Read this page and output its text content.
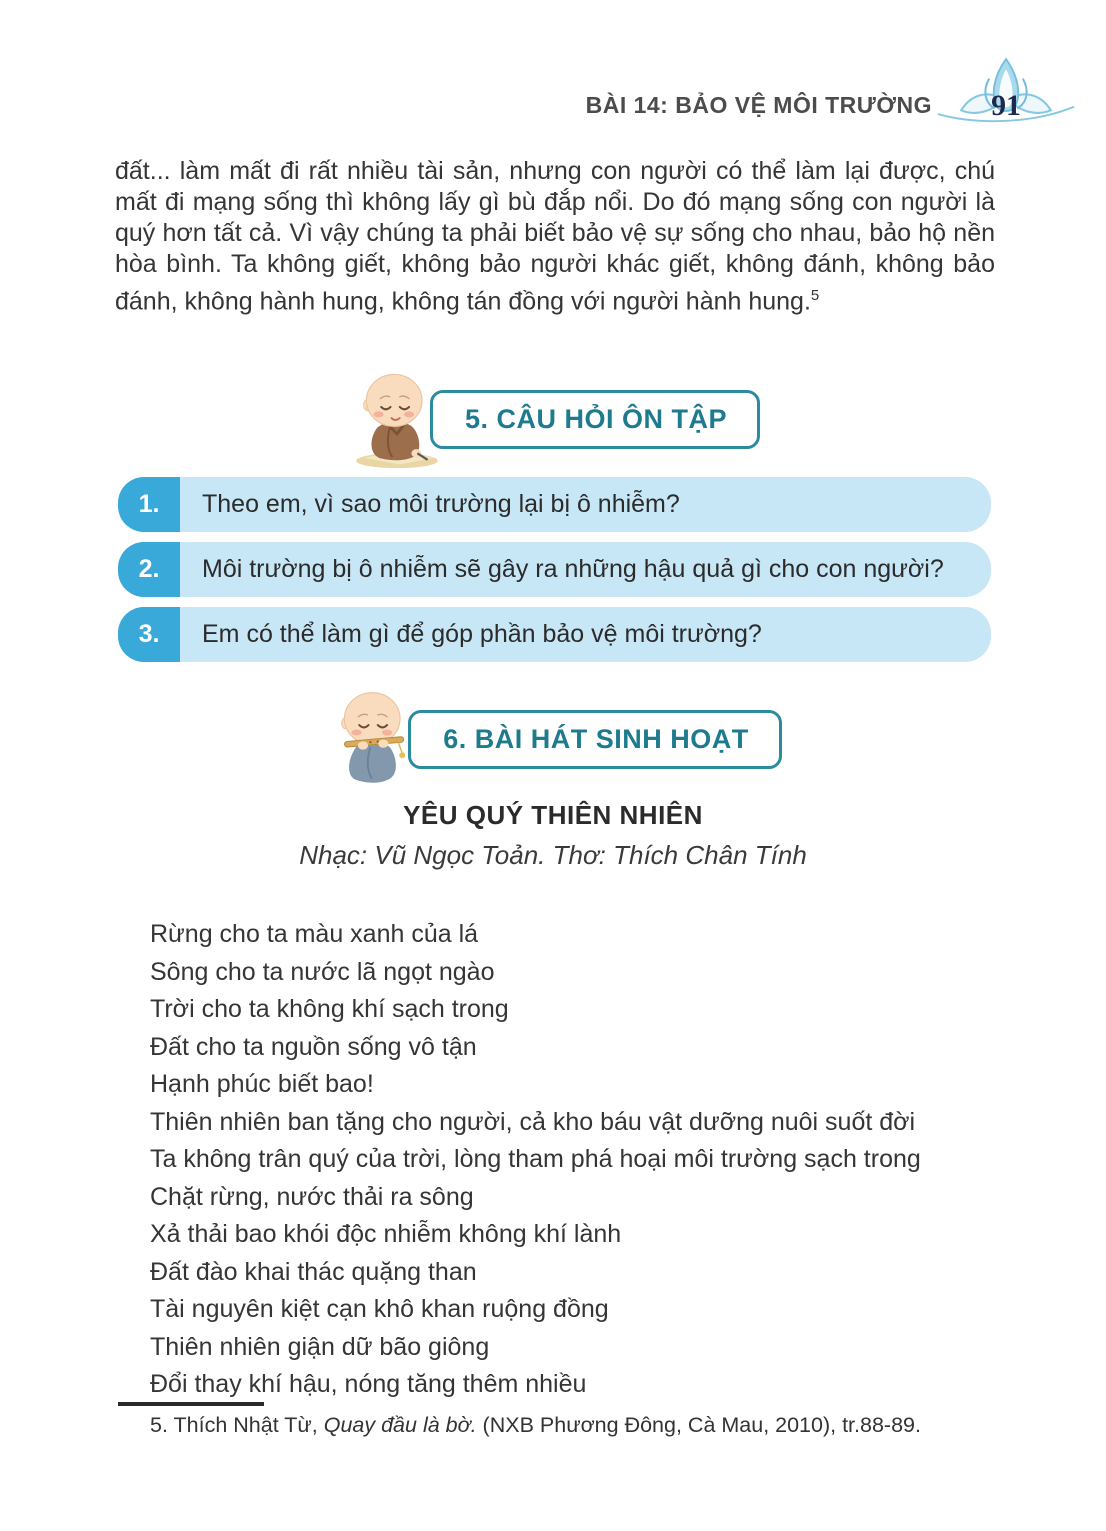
BÀI 14: BẢO VỆ MÔI TRƯỜNG 91
đất... làm mất đi rất nhiều tài sản, nhưng con người có thể làm lại được, chú mất đi mạng sống thì không lấy gì bù đắp nổi. Do đó mạng sống con người là quý hơn tất cả. Vì vậy chúng ta phải biết bảo vệ sự sống cho nhau, bảo hộ nền hòa bình. Ta không giết, không bảo người khác giết, không đánh, không bảo đánh, không hành hung, không tán đồng với người hành hung.$^5$
5. CÂU HỎI ÔN TẬP
1.	Theo em, vì sao môi trường lại bị ô nhiễm?
2.	Môi trường bị ô nhiễm sẽ gây ra những hậu quả gì cho con người?
3.	Em có thể làm gì để góp phần bảo vệ môi trường?
6. BÀI HÁT SINH HOẠT
YÊU QUÝ THIÊN NHIÊN
Nhạc: Vũ Ngọc Toản. Thơ: Thích Chân Tính
Rừng cho ta màu xanh của lá
Sông cho ta nước lã ngọt ngào
Trời cho ta không khí sạch trong
Đất cho ta nguồn sống vô tận
Hạnh phúc biết bao!
Thiên nhiên ban tặng cho người, cả kho báu vật dưỡng nuôi suốt đời
Ta không trân quý của trời, lòng tham phá hoại môi trường sạch trong
Chặt rừng, nước thải ra sông
Xả thải bao khói độc nhiễm không khí lành
Đất đào khai thác quặng than
Tài nguyên kiệt cạn khô khan ruộng đồng
Thiên nhiên giận dữ bão giông
Đổi thay khí hậu, nóng tăng thêm nhiều
5. Thích Nhật Từ, Quay đầu là bờ. (NXB Phương Đông, Cà Mau, 2010), tr.88-89.
